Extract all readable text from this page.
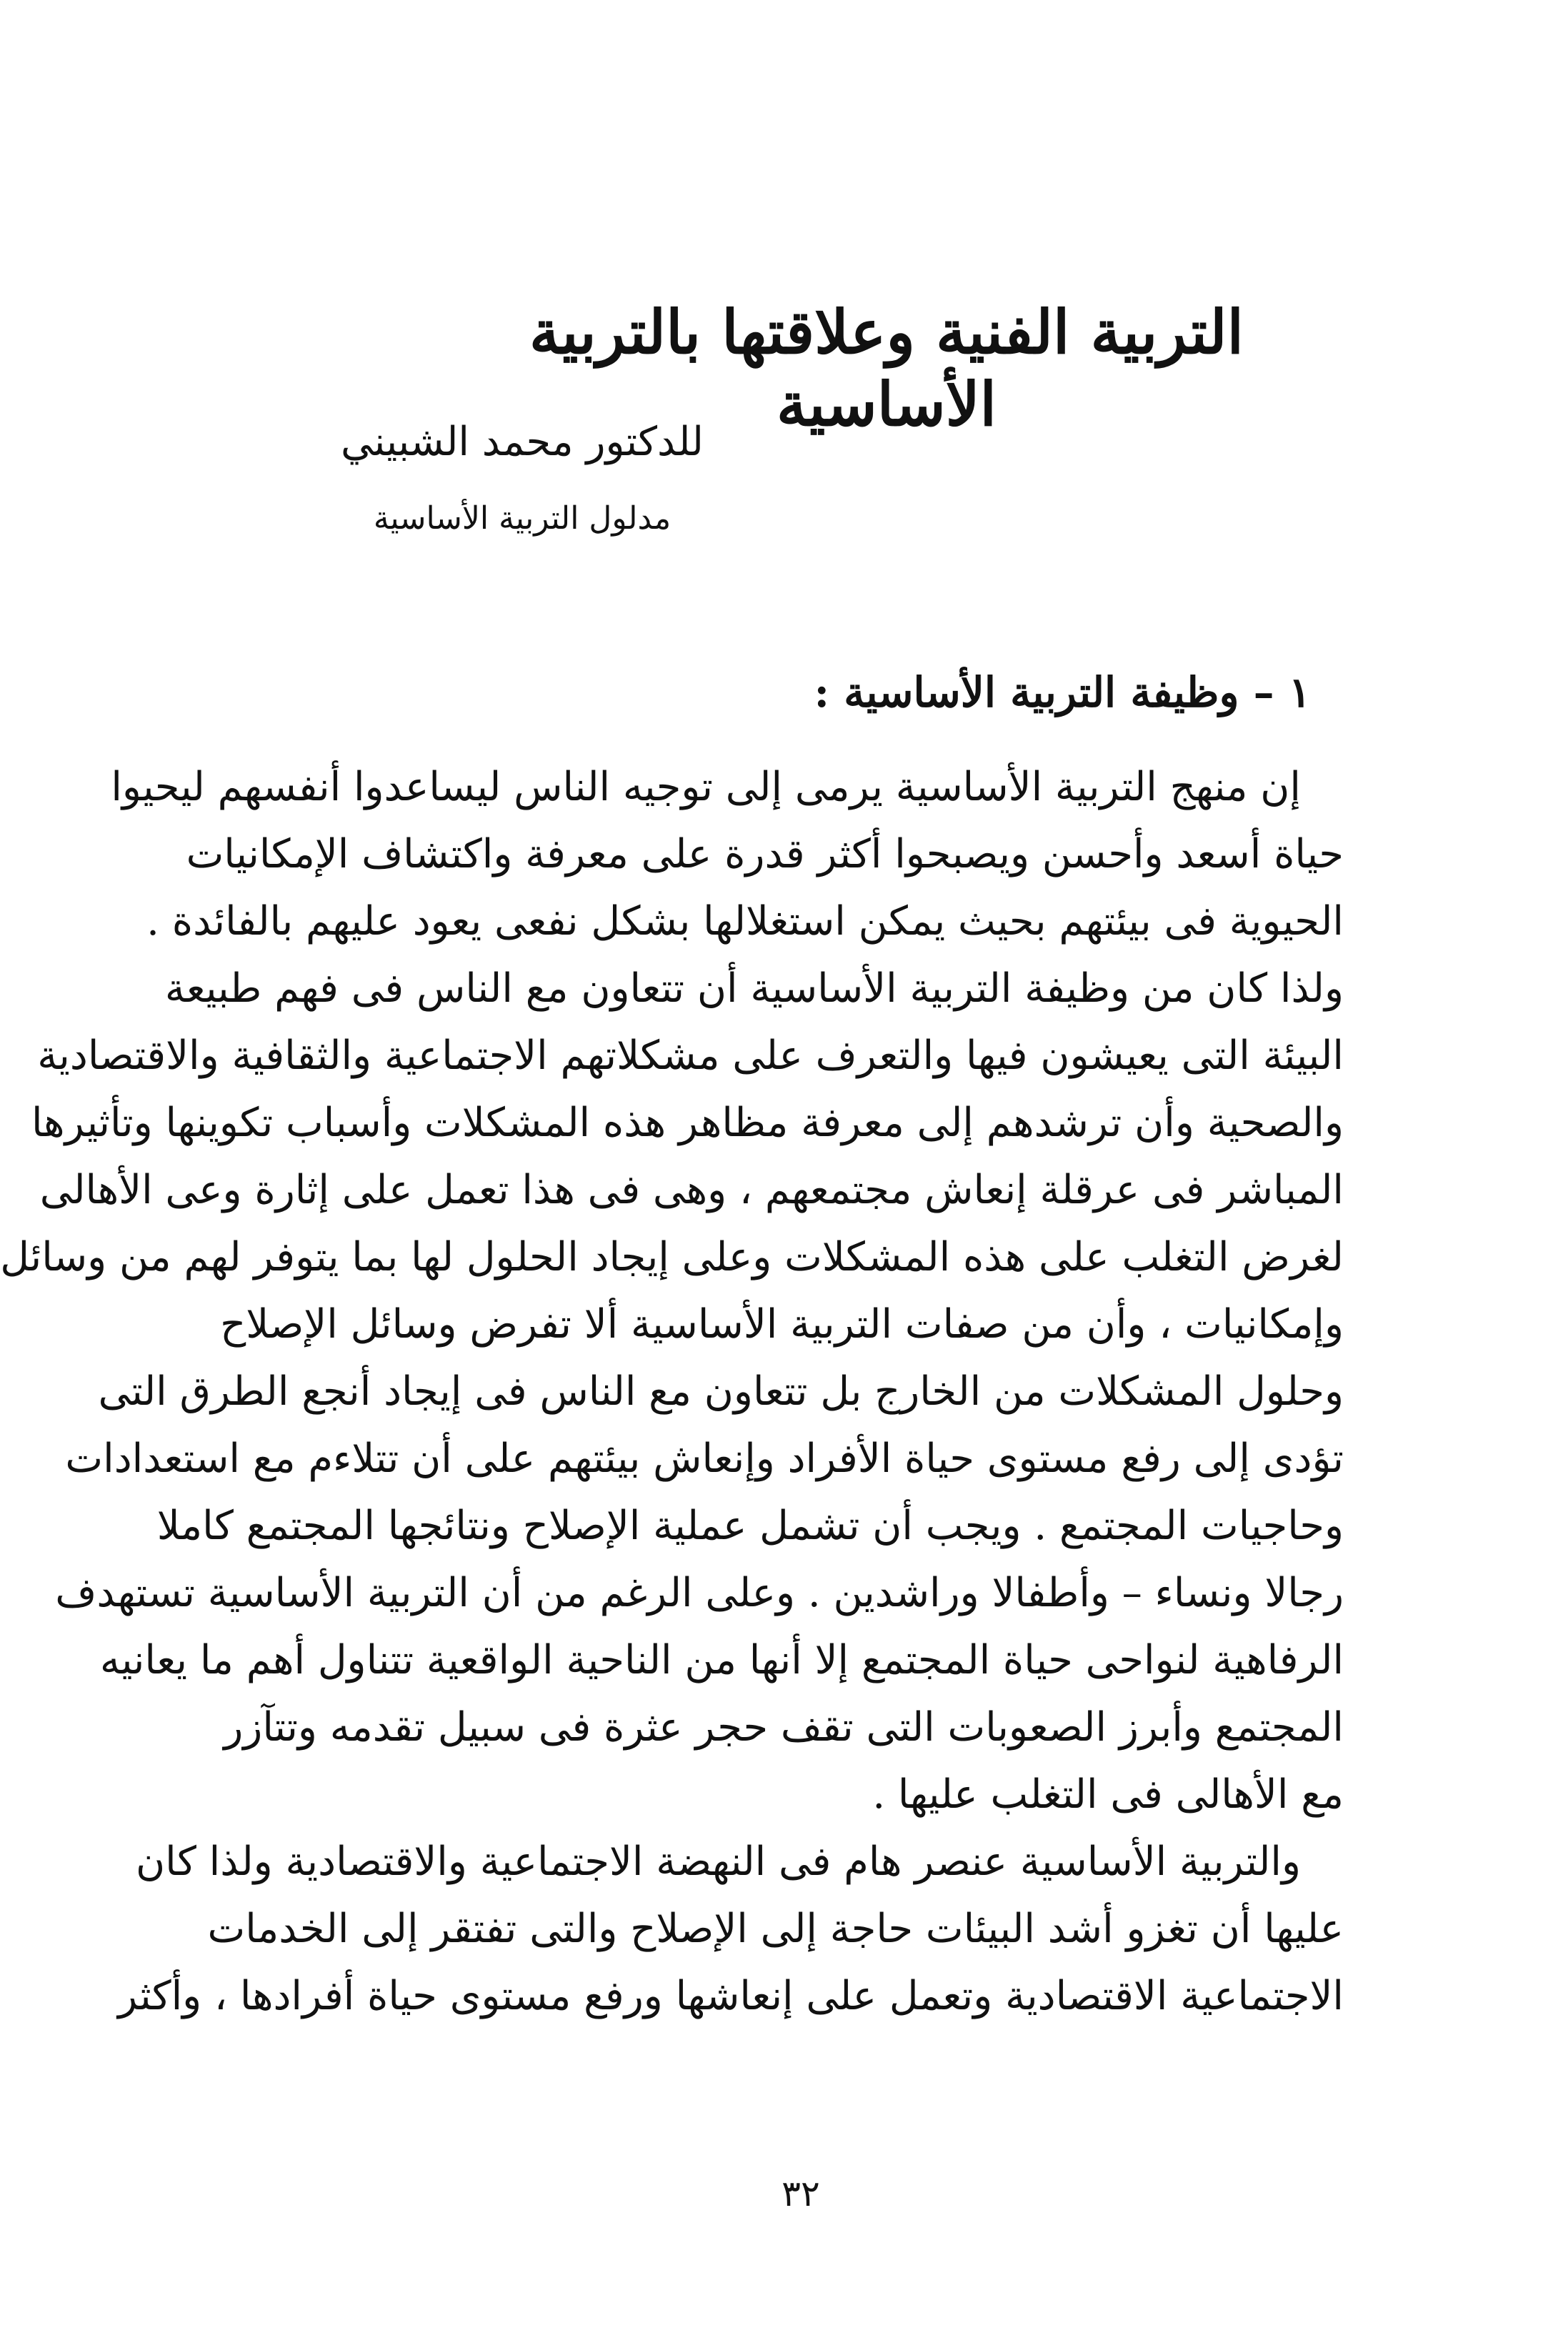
التربية الفنية وعلاقتها بالتربية الأساسية
للدكتور محمد الشبيني
مدلول التربية الأساسية
١ – وظيفة التربية الأساسية :
إن منهج التربية الأساسية يرمى إلى توجيه الناس ليساعدوا أنفسهم ليحيوا
حياة أسعد وأحسن ويصبحوا أكثر قدرة على معرفة واكتشاف الإمكانيات
الحيوية فى بيئتهم بحيث يمكن استغلالها بشكل نفعى يعود عليهم بالفائدة .
ولذا كان من وظيفة التربية الأساسية أن تتعاون مع الناس فى فهم طبيعة
البيئة التى يعيشون فيها والتعرف على مشكلاتهم الاجتماعية والثقافية والاقتصادية
والصحية وأن ترشدهم إلى معرفة مظاهر هذه المشكلات وأسباب تكوينها وتأثيرها
المباشر فى عرقلة إنعاش مجتمعهم ، وهى فى هذا تعمل على إثارة وعى الأهالى
لغرض التغلب على هذه المشكلات وعلى إيجاد الحلول لها بما يتوفر لهم من وسائل
وإمكانيات ، وأن من صفات التربية الأساسية ألا تفرض وسائل الإصلاح
وحلول المشكلات من الخارج بل تتعاون مع الناس فى إيجاد أنجع الطرق التى
تؤدى إلى رفع مستوى حياة الأفراد وإنعاش بيئتهم على أن تتلاءم مع استعدادات
وحاجيات المجتمع . ويجب أن تشمل عملية الإصلاح ونتائجها المجتمع كاملا
رجالا ونساء – وأطفالا وراشدين . وعلى الرغم من أن التربية الأساسية تستهدف
الرفاهية لنواحى حياة المجتمع إلا أنها من الناحية الواقعية تتناول أهم ما يعانيه
المجتمع وأبرز الصعوبات التى تقف حجر عثرة فى سبيل تقدمه وتتآزر
مع الأهالى فى التغلب عليها .
والتربية الأساسية عنصر هام فى النهضة الاجتماعية والاقتصادية ولذا كان
عليها أن تغزو أشد البيئات حاجة إلى الإصلاح والتى تفتقر إلى الخدمات
الاجتماعية الاقتصادية وتعمل على إنعاشها ورفع مستوى حياة أفرادها ، وأكثر
٣٢
